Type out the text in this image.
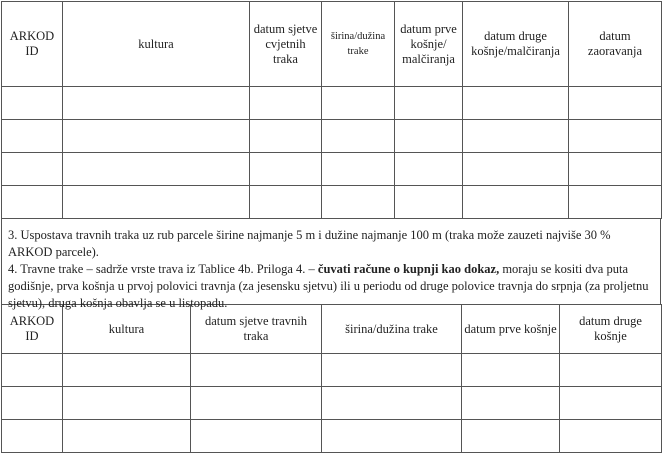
ARKOD ID	kultura	datum sjetve cvjetnih traka	širina/dužina trake	datum prve košnje/ malčiranja	datum druge košnje/malčiranja	datum zaoravanja

3. Uspostava travnih traka uz rub parcele širine najmanje 5 m i dužine najmanje 100 m (traka može zauzeti najviše 30 % ARKOD parcele).
4. Travne trake – sadrže vrste trava iz Tablice 4b. Priloga 4. – čuvati račune o kupnji kao dokaz, moraju se kositi dva puta godišnje, prva košnja u prvoj polovici travnja (za jesensku sjetvu) ili u periodu od druge polovice travnja do srpnja (za proljetnu sjetvu), druga košnja obavlja se u listopadu.
ARKOD ID	kultura	datum sjetve travnih traka	širina/dužina trake	datum prve košnje	datum druge košnje
